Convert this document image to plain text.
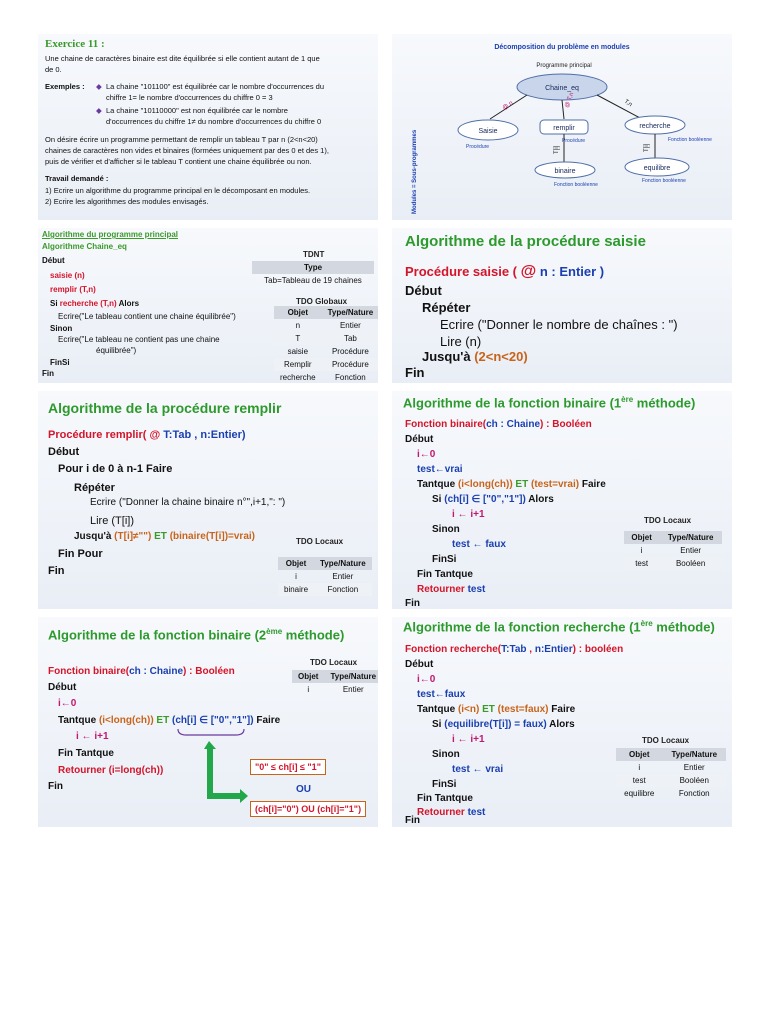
Exercice 11 :
Une chaine de caractères binaire est dite équilibrée si elle contient autant de 1 que
de 0.
Exemples : ◆ La chaine "101100" est équilibrée car le nombre d'occurrences du
chiffre 1= le nombre d'occurrences du chiffre 0 = 3
◆ La chaine "10110000" est non équilibrée car le nombre
d'occurrences du chiffre 1≠ du nombre d'occurrences du chiffre 0
On désire écrire un programme permettant de remplir un tableau T par n (2<n<20)
chaines de caractères non vides et binaires (formées uniquement par des 0 et des 1),
puis de vérifier et d'afficher si le tableau T contient une chaine équilibrée ou non.
Travail demandé :
1) Ecrire un algorithme du programme principal en le décomposant en modules.
2) Ecrire les algorithmes des modules envisagés.
Décomposition du problème en modules
Programme principal
Chaine_eq
Saisie	remplir	recherche
binaire	equilibre
Procédure
Procédure	Fonction booléenne
Fonction booléenne
Fonction booléenne
@ n	@ T,n	T,n
T[i]	T[i]
Modules = Sous-programmes
Algorithme du programme principal
Algorithme Chaine_eq
Début
saisie (n)
remplir (T,n)
Si recherche (T,n) Alors
Ecrire("Le tableau contient une chaine équilibrée")
Sinon
Ecrire("Le tableau ne contient pas une chaine
équilibrée")
FinSi
Fin
TDNT
Type
Tab=Tableau de 19 chaines
TDO Globaux
Objet	Type/Nature
n	Entier
T	Tab
saisie	Procédure
Remplir	Procédure
recherche	Fonction
Algorithme de la procédure saisie
Procédure saisie ( @ n : Entier )
Début
Répéter
Ecrire ("Donner le nombre de chaînes : ")
Lire (n)
Jusqu'à (2<n<20)
Fin
Algorithme de la procédure remplir
Procédure remplir( @ T:Tab , n:Entier)
Début
Pour i de 0 à n-1 Faire
Répéter
Ecrire ("Donner la chaine binaire n°",i+1,": ")
Lire (T[i])
Jusqu'à (T[i]≠"") ET (binaire(T[i])=vrai)
Fin Pour
Fin
TDO Locaux
Objet	Type/Nature
i	Entier
binaire	Fonction
Algorithme de la fonction binaire (1ère méthode)
Fonction binaire(ch : Chaine) : Booléen
Début
i←0
test←vrai
Tantque (i<long(ch)) ET (test=vrai) Faire
Si (ch[i] ∈ ["0","1"]) Alors
i ← i+1
Sinon
test ← faux
FinSi
Fin Tantque
Retourner test
Fin
TDO Locaux
Objet	Type/Nature
i	Entier
test	Booléen
Algorithme de la fonction binaire (2ème méthode)
Fonction binaire(ch : Chaine) : Booléen
Début
i←0
Tantque (i<long(ch)) ET (ch[i] ∈ ["0","1"]) Faire
i ← i+1
Fin Tantque
Retourner (i=long(ch))
Fin
"0" ≤ ch[i] ≤ "1"
OU
(ch[i]="0") OU (ch[i]="1")
TDO Locaux
Objet	Type/Nature
i	Entier
Algorithme de la fonction recherche (1ère méthode)
Fonction recherche(T:Tab , n:Entier) : booléen
Début
i←0
test←faux
Tantque (i<n) ET (test=faux) Faire
Si (equilibre(T[i]) = faux) Alors
i ← i+1
Sinon
test ← vrai
FinSi
Fin Tantque
Retourner test
Fin
TDO Locaux
Objet	Type/Nature
i	Entier
test	Booléen
equilibre	Fonction
